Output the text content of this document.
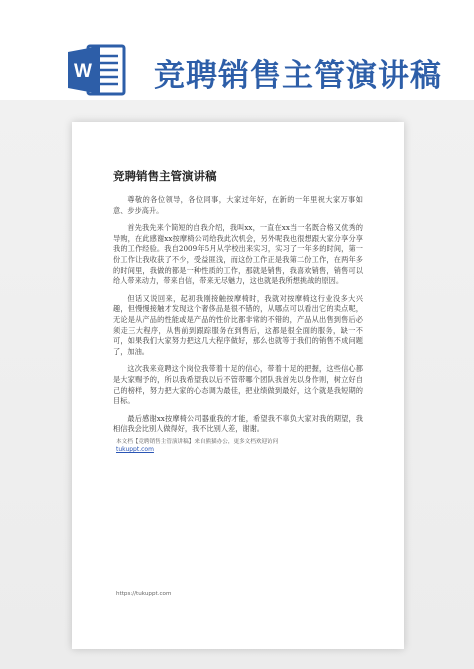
W 竞聘销售主管演讲稿
竞聘销售主管演讲稿

尊敬的各位领导，各位同事，大家过年好，在新的一年里祝大家万事如意、步步高升。

首先我先来个简短的自我介绍，我叫xx，一直在xx当一名既合格又优秀的导购，在此感谢xx按摩椅公司给我此次机会，另外呢我也很想跟大家分享分享我的工作经验。我自2009年5月从学校出来实习，实习了一年多的时间，第一份工作让我收获了不少，受益匪浅，而这份工作正是我第二份工作，在两年多的时间里，我做的都是一种性质的工作，那就是销售，我喜欢销售，销售可以给人带来动力，带来自信，带来无尽魅力，这也就是我所想挑战的原因。

但话又说回来，起初我刚接触按摩椅时，我就对按摩椅这行业没多大兴趣，但慢慢接触才发现这个奢侈品是很不错的，从哪点可以看出它的卖点呢，无论是从产品的性能或是产品的性价比都非常的不错的，产品从出售到售后必须走三大程序，从售前到跟踪服务在到售后，这都是很全面的服务，缺一不可，如果我们大家努力把这几大程序做好，那么也就等于我们的销售不成问题了，加油。

这次我来竞聘这个岗位我带着十足的信心，带着十足的把握，这些信心都是大家赐予的，所以我希望我以后不管带哪个团队我首先以身作则，树立好自己的榜样，努力把大家的心态调为最佳，把业绩做到最好，这个就是我短期的目标。

最后感谢xx按摩椅公司器重我的才能，希望我不辜负大家对我的期望，我相信我会比别人做得好，我不比别人差，谢谢。

本文档【竞聘销售主管演讲稿】来自熊猫办公，更多文档欢迎访问
tukuppt.com
https://tukuppt.com
